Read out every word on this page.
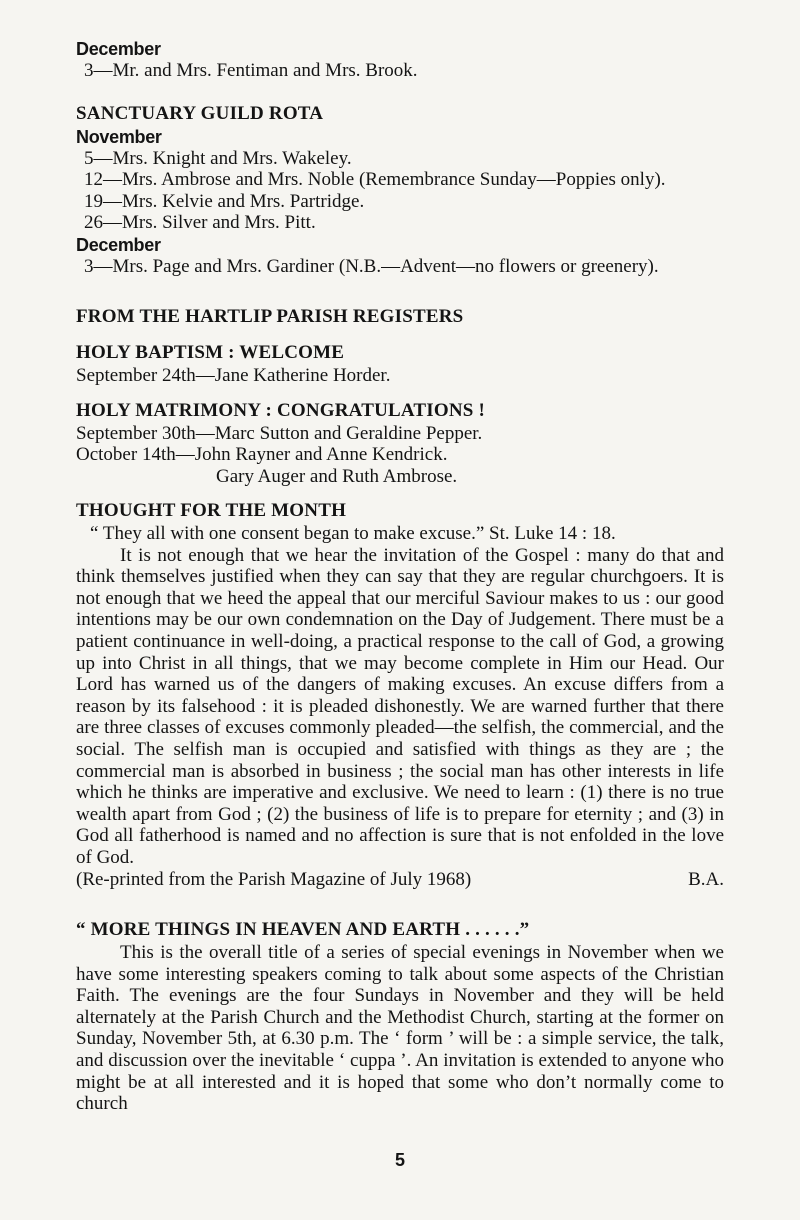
December

3—Mr. and Mrs. Fentiman and Mrs. Brook.

SANCTUARY GUILD ROTA

November

5—Mrs. Knight and Mrs. Wakeley.

12—Mrs. Ambrose and Mrs. Noble (Remembrance Sunday—Poppies only).

19—Mrs. Kelvie and Mrs. Partridge.

26—Mrs. Silver and Mrs. Pitt.

December

3—Mrs. Page and Mrs. Gardiner (N.B.—Advent—no flowers or greenery).

FROM THE HARTLIP PARISH REGISTERS

HOLY BAPTISM : WELCOME

September 24th—Jane Katherine Horder.

HOLY MATRIMONY : CONGRATULATIONS !

September 30th—Marc Sutton and Geraldine Pepper.

October 14th—John Rayner and Anne Kendrick.

Gary Auger and Ruth Ambrose.

THOUGHT FOR THE MONTH

“ They all with one consent began to make excuse.” St. Luke 14 : 18.

It is not enough that we hear the invitation of the Gospel : many do that and think themselves justified when they can say that they are regular churchgoers. It is not enough that we heed the appeal that our merciful Saviour makes to us : our good intentions may be our own condemnation on the Day of Judgement. There must be a patient continuance in well-doing, a practical response to the call of God, a growing up into Christ in all things, that we may become complete in Him our Head. Our Lord has warned us of the dangers of making excuses. An excuse differs from a reason by its falsehood : it is pleaded dishonestly. We are warned further that there are three classes of excuses commonly pleaded—the selfish, the commercial, and the social. The selfish man is occupied and satisfied with things as they are ; the commercial man is absorbed in business ; the social man has other interests in life which he thinks are imperative and exclusive. We need to learn : (1) there is no true wealth apart from God ; (2) the business of life is to prepare for eternity ; and (3) in God all fatherhood is named and no affection is sure that is not enfolded in the love of God.

(Re-printed from the Parish Magazine of July 1968)	B.A.

“ MORE THINGS IN HEAVEN AND EARTH . . . . . .”

This is the overall title of a series of special evenings in November when we have some interesting speakers coming to talk about some aspects of the Christian Faith. The evenings are the four Sundays in November and they will be held alternately at the Parish Church and the Methodist Church, starting at the former on Sunday, November 5th, at 6.30 p.m. The ‘ form ’ will be : a simple service, the talk, and discussion over the inevitable ‘ cuppa ’. An invitation is extended to anyone who might be at all interested and it is hoped that some who don’t normally come to church

5
